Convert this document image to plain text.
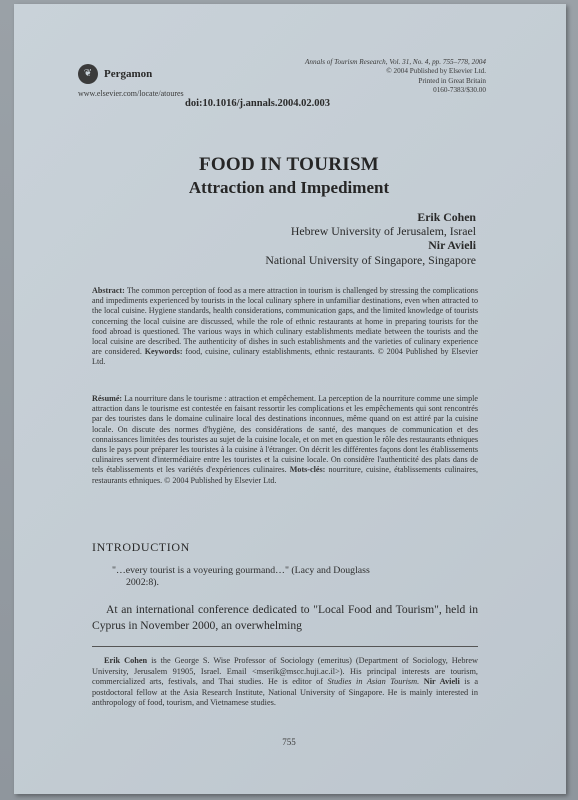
❦ Pergamon
www.elsevier.com/locate/atoures
Annals of Tourism Research, Vol. 31, No. 4, pp. 755–778, 2004
© 2004 Published by Elsevier Ltd.
Printed in Great Britain
0160-7383/$30.00
doi:10.1016/j.annals.2004.02.003
FOOD IN TOURISM
Attraction and Impediment
Erik Cohen
Hebrew University of Jerusalem, Israel
Nir Avieli
National University of Singapore, Singapore
Abstract: The common perception of food as a mere attraction in tourism is challenged by stressing the complications and impediments experienced by tourists in the local culinary sphere in unfamiliar destinations, even when attracted to the local cuisine. Hygiene standards, health considerations, communication gaps, and the limited knowledge of tourists concerning the local cuisine are discussed, while the role of ethnic restaurants at home in preparing tourists for the food abroad is questioned. The various ways in which culinary establishments mediate between the tourists and the local cuisine are described. The authenticity of dishes in such establishments and the varieties of culinary experience are considered. Keywords: food, cuisine, culinary establishments, ethnic restaurants. © 2004 Published by Elsevier Ltd.
Résumé: La nourriture dans le tourisme : attraction et empêchement. La perception de la nourriture comme une simple attraction dans le tourisme est contestée en faisant ressortir les complications et les empêchements qui sont rencontrés par des touristes dans le domaine culinaire local des destinations inconnues, même quand on est attiré par la cuisine locale. On discute des normes d'hygiène, des considérations de santé, des manques de communication et des connaissances limitées des touristes au sujet de la cuisine locale, et on met en question le rôle des restaurants ethniques dans le pays pour préparer les touristes à la cuisine à l'étranger. On décrit les différentes façons dont les établissements culinaires servent d'intermédiaire entre les touristes et la cuisine locale. On considère l'authenticité des plats dans de tels établissements et les variétés d'expériences culinaires. Mots-clés: nourriture, cuisine, établissements culinaires, restaurants ethniques. © 2004 Published by Elsevier Ltd.
INTRODUCTION
"…every tourist is a voyeuring gourmand…" (Lacy and Douglass
2002:8).
At an international conference dedicated to "Local Food and Tourism", held in Cyprus in November 2000, an overwhelming
Erik Cohen is the George S. Wise Professor of Sociology (emeritus) (Department of Sociology, Hebrew University, Jerusalem 91905, Israel. Email <mserik@mscc.huji.ac.il>). His principal interests are tourism, commercialized arts, festivals, and Thai studies. He is editor of Studies in Asian Tourism. Nir Avieli is a postdoctoral fellow at the Asia Research Institute, National University of Singapore. He is mainly interested in anthropology of food, tourism, and Vietnamese studies.
755
